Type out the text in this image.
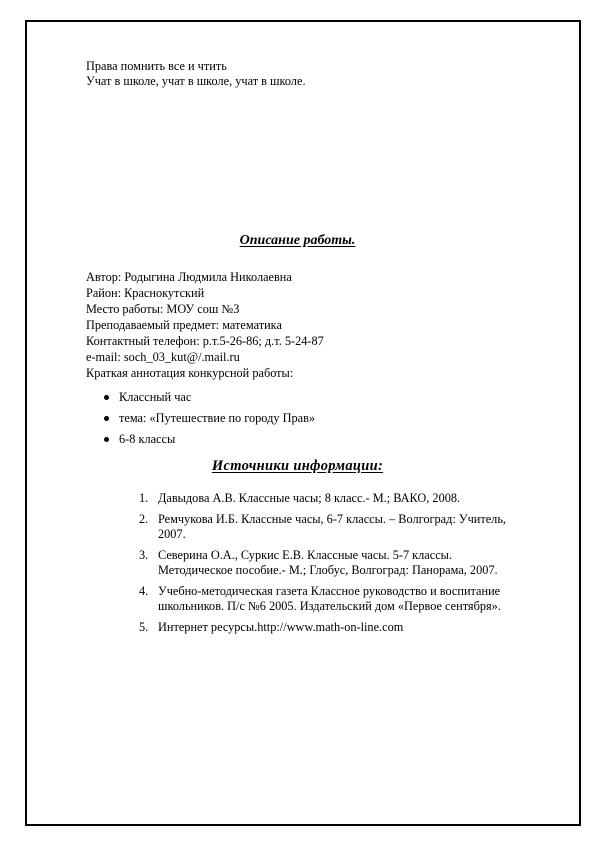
Права помнить все и чтить
Учат в школе, учат в школе, учат в школе.
Описание работы.
Автор: Родыгина Людмила Николаевна
Район: Краснокутский
Место работы: МОУ сош №3
Преподаваемый предмет: математика
Контактный телефон: р.т.5-26-86; д.т. 5-24-87
e-mail: soch_03_kut@/.mail.ru
Краткая аннотация конкурсной работы:
Классный час
тема: «Путешествие по городу Прав»
6-8 классы
Источники информации:
1. Давыдова А.В. Классные часы; 8 класс.- М.; ВАКО, 2008.
2. Ремчукова И.Б. Классные часы, 6-7 классы. – Волгоград: Учитель,
2007.
3. Северина О.А., Суркис Е.В. Классные часы. 5-7 классы.
Методическое пособие.- М.; Глобус, Волгоград: Панорама, 2007.
4. Учебно-методическая газета Классное руководство и воспитание
школьников. П/с №6 2005. Издательский дом «Первое сентября».
5. Интернет ресурсы.http://www.math-on-line.com
